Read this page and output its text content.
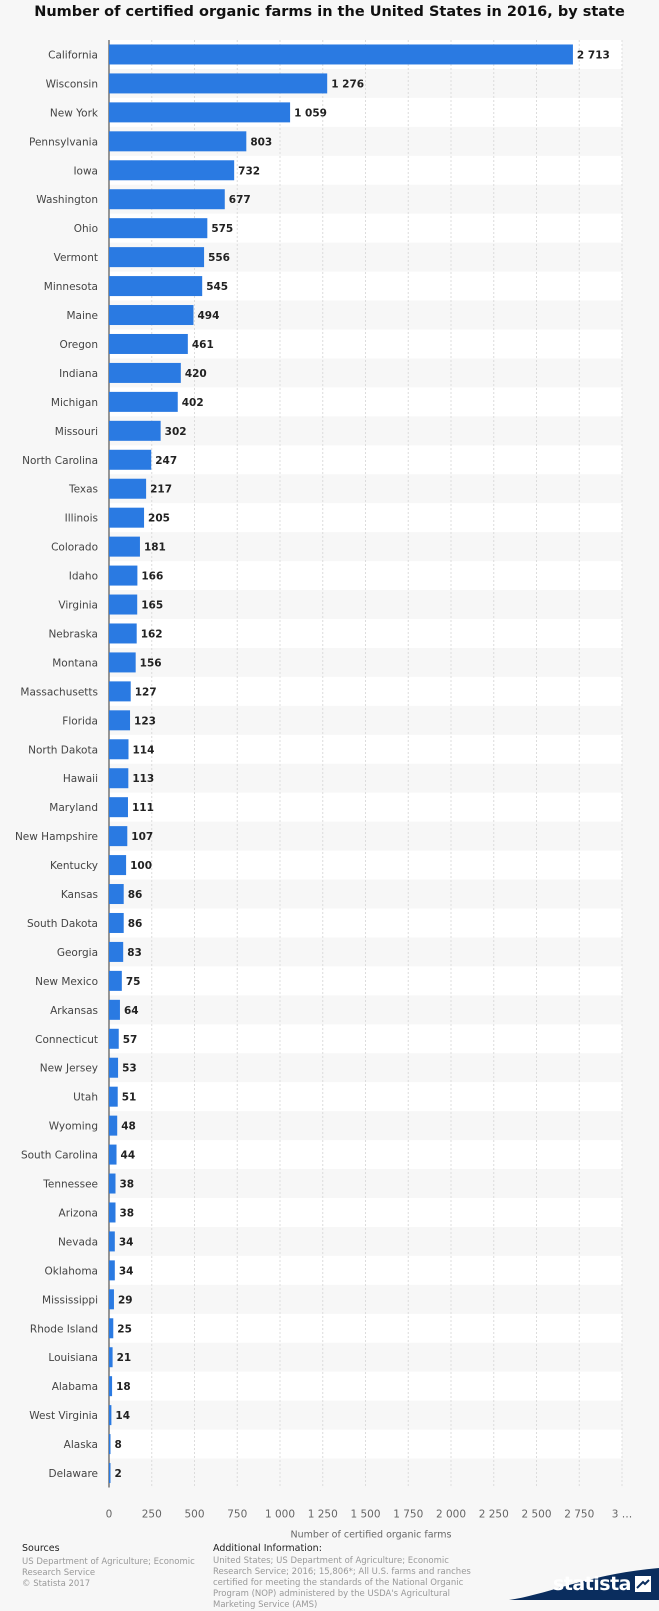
Number of certified organic farms in the United States in 2016, by state
California
Wisconsin
New York
Pennsylvania
Iowa
Washington
Ohio
Vermont
Minnesota
Maine
Oregon
Indiana
Michigan
Missouri
North Carolina
Texas
Illinois
Colorado
Idaho
Virginia
Nebraska
Montana
Massachusetts
Florida
North Dakota
Hawaii
Maryland
New Hampshire
Kentucky
Kansas
South Dakota
Georgia
New Mexico
Arkansas
Connecticut
New Jersey
Utah
Wyoming
South Carolina
Tennessee
Arizona
Nevada
Oklahoma
Mississippi
Rhode Island
Louisiana
Alabama
West Virginia
Alaska
Delaware
2 713
1 276
1 059
803
732
677
575
556
545
494
461
420
402
302
247
217
205
181
166
165
162
156
127
123
114
113
111
107
100
86
86
83
75
64
57
53
51
48
44
38
38
34
34
29
25
21
18
14
8
2
0	250 500 750 1 000 1 250 1 500 1 750 2 000 2 250 2 500 2 750 3 …
Number of certified organic farms
Sources
US Department of Agriculture; Economic Research Service
© Statista 2017
Additional Information:
United States; US Department of Agriculture; Economic Research Service; 2016; 15,806*; All U.S. farms and ranches certified for meeting the standards of the National Organic Program (NOP) administered by the USDA's Agricultural Marketing Service (AMS)
statista
